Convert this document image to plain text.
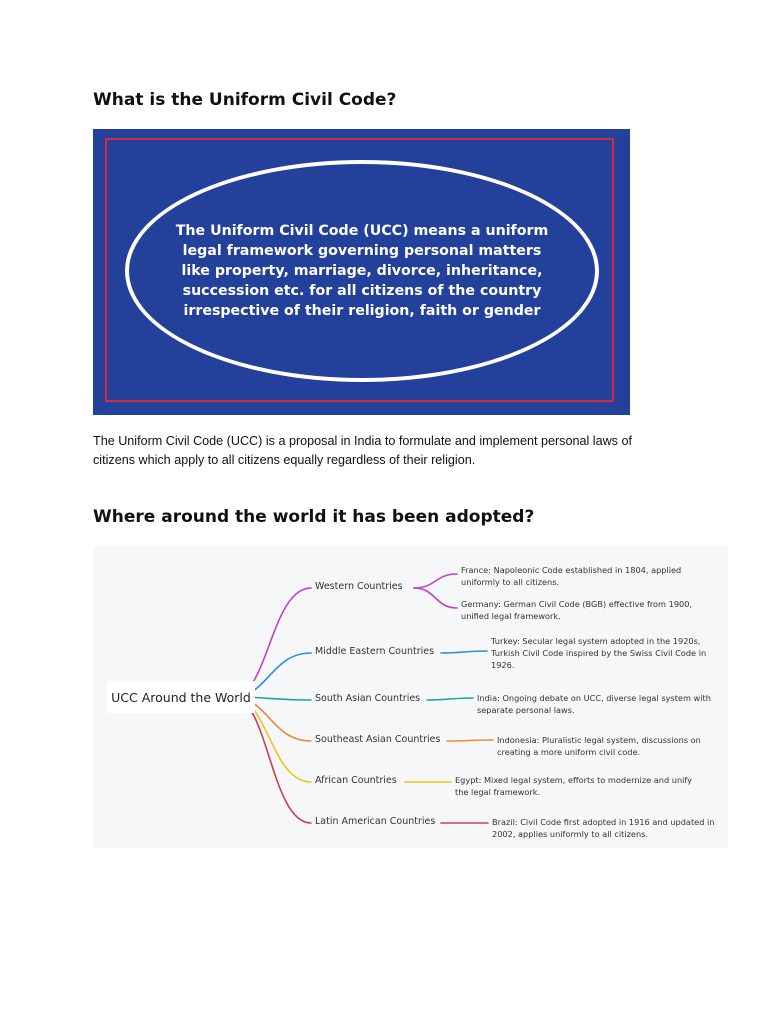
What is the Uniform Civil Code?

The Uniform Civil Code (UCC) means a uniform
legal framework governing personal matters
like property, marriage, divorce, inheritance,
succession etc. for all citizens of the country
irrespective of their religion, faith or gender

The Uniform Civil Code (UCC) is a proposal in India to formulate and implement personal laws of
citizens which apply to all citizens equally regardless of their religion.

Where around the world it has been adopted?
UCC Around the World
Western Countries
France: Napoleonic Code established in 1804, applied
uniformly to all citizens.
Germany: German Civil Code (BGB) effective from 1900,
unified legal framework.
Middle Eastern Countries
Turkey: Secular legal system adopted in the 1920s,
Turkish Civil Code inspired by the Swiss Civil Code in
1926.
South Asian Countries	India: Ongoing debate on UCC, diverse legal system with
separate personal laws.
Southeast Asian Countries	Indonesia: Pluralistic legal system, discussions on
creating a more uniform civil code.
African Countries	Egypt: Mixed legal system, efforts to modernize and unify
the legal framework.
Latin American Countries	Brazil: Civil Code first adopted in 1916 and updated in
2002, applies uniformly to all citizens.
